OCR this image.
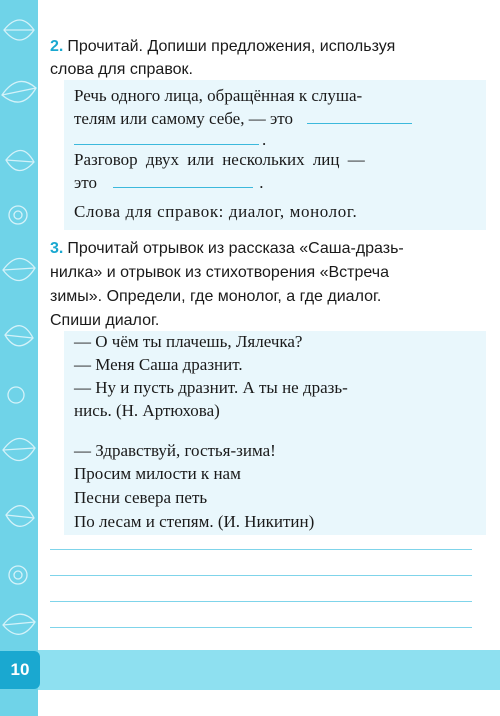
2. Прочитай. Допиши предложения, используя
слова для справок.
Речь одного лица, обращённая к слуша-
телям или самому себе, — это
.
Разговор двух или нескольких лиц —
это	.
Слова для справок: диалог, монолог.
3. Прочитай отрывок из рассказа «Саша-дразь-
нилка» и отрывок из стихотворения «Встреча
зимы». Определи, где монолог, а где диалог.
Спиши диалог.
— О чём ты плачешь, Лялечка?
— Меня Саша дразнит.
— Ну и пусть дразнит. А ты не дразь-
нись. (Н. Артюхова)
— Здравствуй, гостья-зима!
Просим милости к нам
Песни севера петь
По лесам и степям. (И. Никитин)
10
